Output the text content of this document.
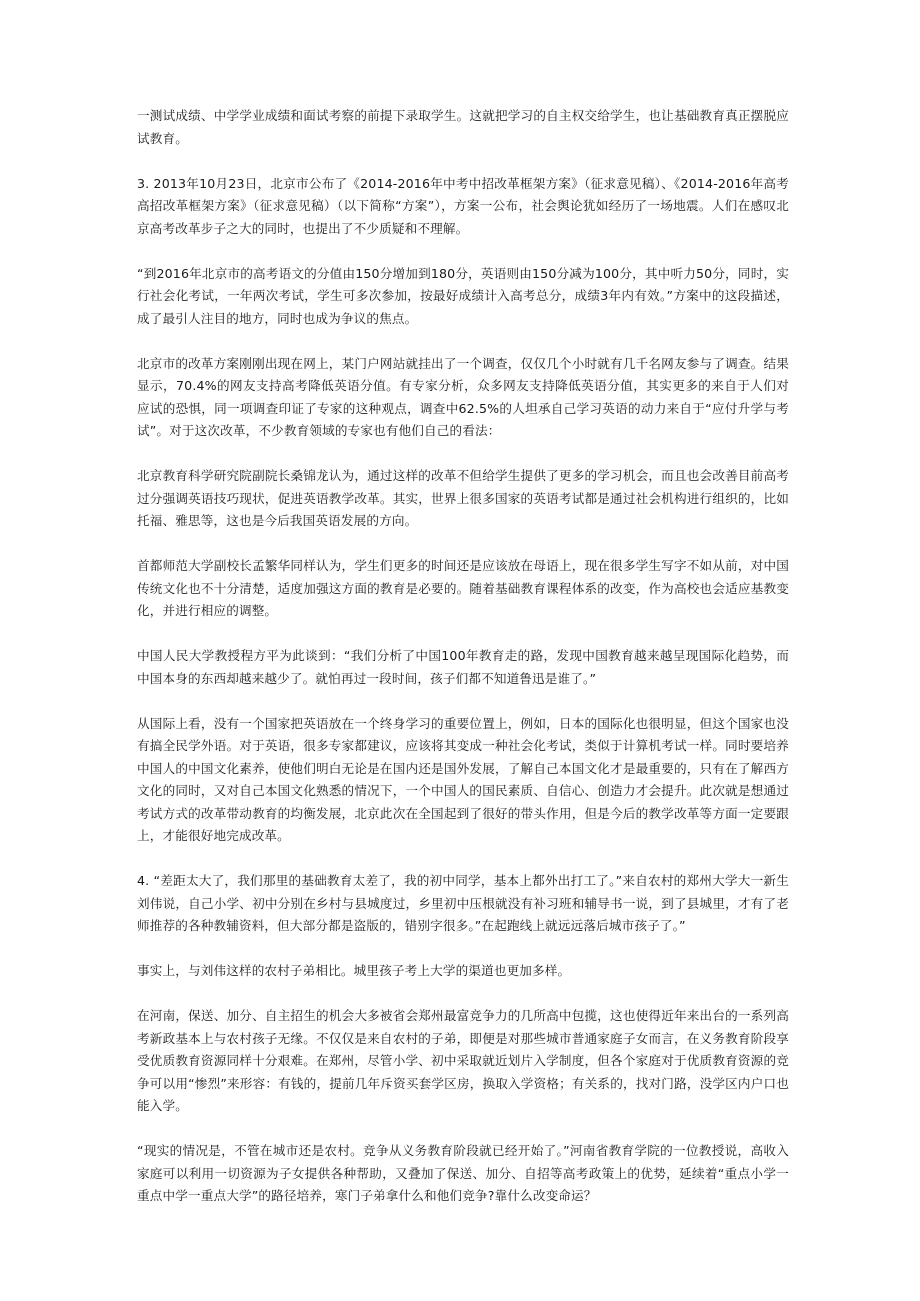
一测试成绩、中学学业成绩和面试考察的前提下录取学生。这就把学习的自主权交给学生，也让基础教育真正摆脱应试教育。

3. 2013年10月23日，北京市公布了《2014-2016年中考中招改革框架方案》（征求意见稿）、《2014-2016年高考高招改革框架方案》（征求意见稿）（以下简称“方案”），方案一公布，社会舆论犹如经历了一场地震。人们在感叹北京高考改革步子之大的同时，也提出了不少质疑和不理解。

“到2016年北京市的高考语文的分值由150分增加到180分，英语则由150分减为100分，其中听力50分，同时，实行社会化考试，一年两次考试，学生可多次参加，按最好成绩计入高考总分，成绩3年内有效。”方案中的这段描述，成了最引人注目的地方，同时也成为争议的焦点。

北京市的改革方案刚刚出现在网上，某门户网站就挂出了一个调查，仅仅几个小时就有几千名网友参与了调查。结果显示，70.4%的网友支持高考降低英语分值。有专家分析，众多网友支持降低英语分值，其实更多的来自于人们对应试的恐惧，同一项调查印证了专家的这种观点，调查中62.5%的人坦承自己学习英语的动力来自于“应付升学与考试”。对于这次改革，不少教育领域的专家也有他们自己的看法：

北京教育科学研究院副院长桑锦龙认为，通过这样的改革不但给学生提供了更多的学习机会，而且也会改善目前高考过分强调英语技巧现状，促进英语教学改革。其实，世界上很多国家的英语考试都是通过社会机构进行组织的，比如托福、雅思等，这也是今后我国英语发展的方向。

首都师范大学副校长孟繁华同样认为，学生们更多的时间还是应该放在母语上，现在很多学生写字不如从前，对中国传统文化也不十分清楚，适度加强这方面的教育是必要的。随着基础教育课程体系的改变，作为高校也会适应基教变化，并进行相应的调整。

中国人民大学教授程方平为此谈到：“我们分析了中国100年教育走的路，发现中国教育越来越呈现国际化趋势，而中国本身的东西却越来越少了。就怕再过一段时间，孩子们都不知道鲁迅是谁了。”

从国际上看，没有一个国家把英语放在一个终身学习的重要位置上，例如，日本的国际化也很明显，但这个国家也没有搞全民学外语。对于英语，很多专家都建议，应该将其变成一种社会化考试，类似于计算机考试一样。同时要培养中国人的中国文化素养，使他们明白无论是在国内还是国外发展，了解自己本国文化才是最重要的，只有在了解西方文化的同时，又对自己本国文化熟悉的情况下，一个中国人的国民素质、自信心、创造力才会提升。此次就是想通过考试方式的改革带动教育的均衡发展，北京此次在全国起到了很好的带头作用，但是今后的教学改革等方面一定要跟上，才能很好地完成改革。

4. “差距太大了，我们那里的基础教育太差了，我的初中同学，基本上都外出打工了。”来自农村的郑州大学大一新生刘伟说，自己小学、初中分别在乡村与县城度过，乡里初中压根就没有补习班和辅导书一说，到了县城里，才有了老师推荐的各种教辅资料，但大部分都是盗版的，错别字很多。”在起跑线上就远远落后城市孩子了。”

事实上，与刘伟这样的农村子弟相比。城里孩子考上大学的渠道也更加多样。

在河南，保送、加分、自主招生的机会大多被省会郑州最富竞争力的几所高中包揽，这也使得近年来出台的一系列高考新政基本上与农村孩子无缘。不仅仅是来自农村的子弟，即便是对那些城市普通家庭子女而言，在义务教育阶段享受优质教育资源同样十分艰难。在郑州，尽管小学、初中采取就近划片入学制度，但各个家庭对于优质教育资源的竞争可以用“惨烈”来形容：有钱的，提前几年斥资买套学区房，换取入学资格；有关系的，找对门路，没学区内户口也能入学。

“现实的情况是，不管在城市还是农村。竞争从义务教育阶段就已经开始了。”河南省教育学院的一位教授说，高收入家庭可以利用一切资源为子女提供各种帮助，又叠加了保送、加分、自招等高考政策上的优势，延续着“重点小学一重点中学一重点大学”的路径培养，寒门子弟拿什么和他们竞争?靠什么改变命运？
